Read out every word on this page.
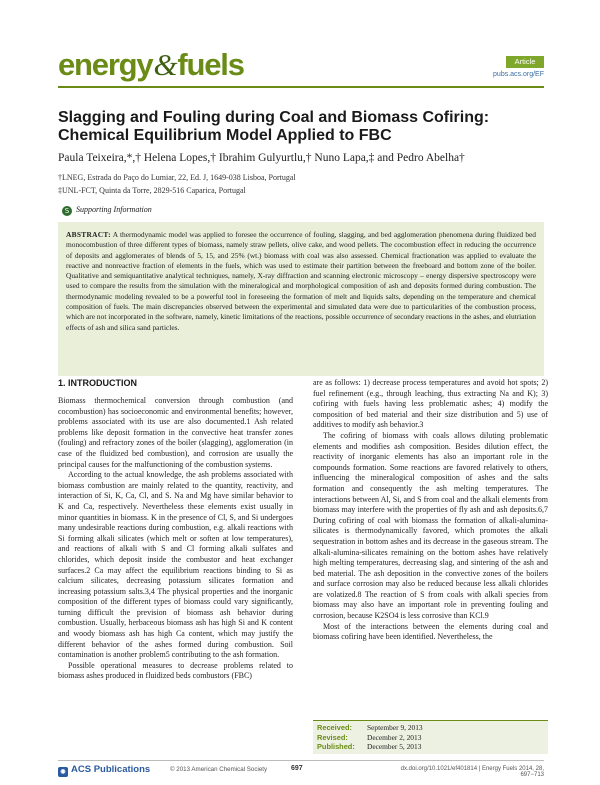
energy&fuels	Article
pubs.acs.org/EF
Slagging and Fouling during Coal and Biomass Cofiring: Chemical Equilibrium Model Applied to FBC
Paula Teixeira,*,† Helena Lopes,† Ibrahim Gulyurtlu,† Nuno Lapa,‡ and Pedro Abelha†
†LNEG, Estrada do Paço do Lumiar, 22, Ed. J, 1649-038 Lisboa, Portugal
‡UNL-FCT, Quinta da Torre, 2829-516 Caparica, Portugal
S Supporting Information
ABSTRACT: A thermodynamic model was applied to foresee the occurrence of fouling, slagging, and bed agglomeration phenomena during fluidized bed monocombustion of three different types of biomass, namely straw pellets, olive cake, and wood pellets. The cocombustion effect in reducing the occurrence of deposits and agglomerates of blends of 5, 15, and 25% (wt.) biomass with coal was also assessed. Chemical fractionation was applied to evaluate the reactive and nonreactive fraction of elements in the fuels, which was used to estimate their partition between the freeboard and bottom zone of the boiler. Qualitative and semiquantitative analytical techniques, namely, X-ray diffraction and scanning electronic microscopy – energy dispersive spectroscopy were used to compare the results from the simulation with the mineralogical and morphological composition of ash and deposits formed during combustion. The thermodynamic modeling revealed to be a powerful tool in foreseeing the formation of melt and liquids salts, depending on the temperature and chemical composition of fuels. The main discrepancies observed between the experimental and simulated data were due to particularities of the combustion process, which are not incorporated in the software, namely, kinetic limitations of the reactions, possible occurrence of secondary reactions in the ashes, and elutriation effects of ash and silica sand particles.
1. INTRODUCTION

Biomass thermochemical conversion through combustion (and cocombustion) has socioeconomic and environmental benefits; however, problems associated with its use are also documented.1 Ash related problems like deposit formation in the convective heat transfer zones (fouling) and refractory zones of the boiler (slagging), agglomeration (in case of the fluidized bed combustion), and corrosion are usually the principal causes for the malfunctioning of the combustion systems.

According to the actual knowledge, the ash problems associated with biomass combustion are mainly related to the quantity, reactivity, and interaction of Si, K, Ca, Cl, and S. Na and Mg have similar behavior to K and Ca, respectively. Nevertheless these elements exist usually in minor quantities in biomass. K in the presence of Cl, S, and Si undergoes many undesirable reactions during combustion, e.g. alkali reactions with Si forming alkali silicates (which melt or soften at low temperatures), and reactions of alkali with S and Cl forming alkali sulfates and chlorides, which deposit inside the combustor and heat exchanger surfaces.2 Ca may affect the equilibrium reactions binding to Si as calcium silicates, decreasing potassium silicates formation and increasing potassium salts.3,4 The physical properties and the inorganic composition of the different types of biomass could vary significantly, turning difficult the prevision of biomass ash behavior during combustion. Usually, herbaceous biomass ash has high Si and K content and woody biomass ash has high Ca content, which may justify the different behavior of the ashes formed during combustion. Soil contamination is another problem5 contributing to the ash formation.

Possible operational measures to decrease problems related to biomass ashes produced in fluidized beds combustors (FBC)

are as follows: 1) decrease process temperatures and avoid hot spots; 2) fuel refinement (e.g., through leaching, thus extracting Na and K); 3) cofiring with fuels having less problematic ashes; 4) modify the composition of bed material and their size distribution and 5) use of additives to modify ash behavior.3

The cofiring of biomass with coals allows diluting problematic elements and modifies ash composition. Besides dilution effect, the reactivity of inorganic elements has also an important role in the compounds formation. Some reactions are favored relatively to others, influencing the mineralogical composition of ashes and the salts formation and consequently the ash melting temperatures. The interactions between Al, Si, and S from coal and the alkali elements from biomass may interfere with the properties of fly ash and ash deposits.6,7 During cofiring of coal with biomass the formation of alkali-alumina-silicates is thermodynamically favored, which promotes the alkali sequestration in bottom ashes and its decrease in the gaseous stream. The alkali-alumina-silicates remaining on the bottom ashes have relatively high melting temperatures, decreasing slag, and sintering of the ash and bed material. The ash deposition in the convective zones of the boilers and surface corrosion may also be reduced because less alkali chlorides are volatized.8 The reaction of S from coals with alkali species from biomass may also have an important role in preventing fouling and corrosion, because K2SO4 is less corrosive than KCl.9

Most of the interactions between the elements during coal and biomass cofiring have been identified. Nevertheless, the

Received:	September 9, 2013
Revised:	December 2, 2013
Published:	December 5, 2013
◉ ACS Publications	© 2013 American Chemical Society	697	dx.doi.org/10.1021/ef401814 | Energy Fuels 2014, 28, 697−713
